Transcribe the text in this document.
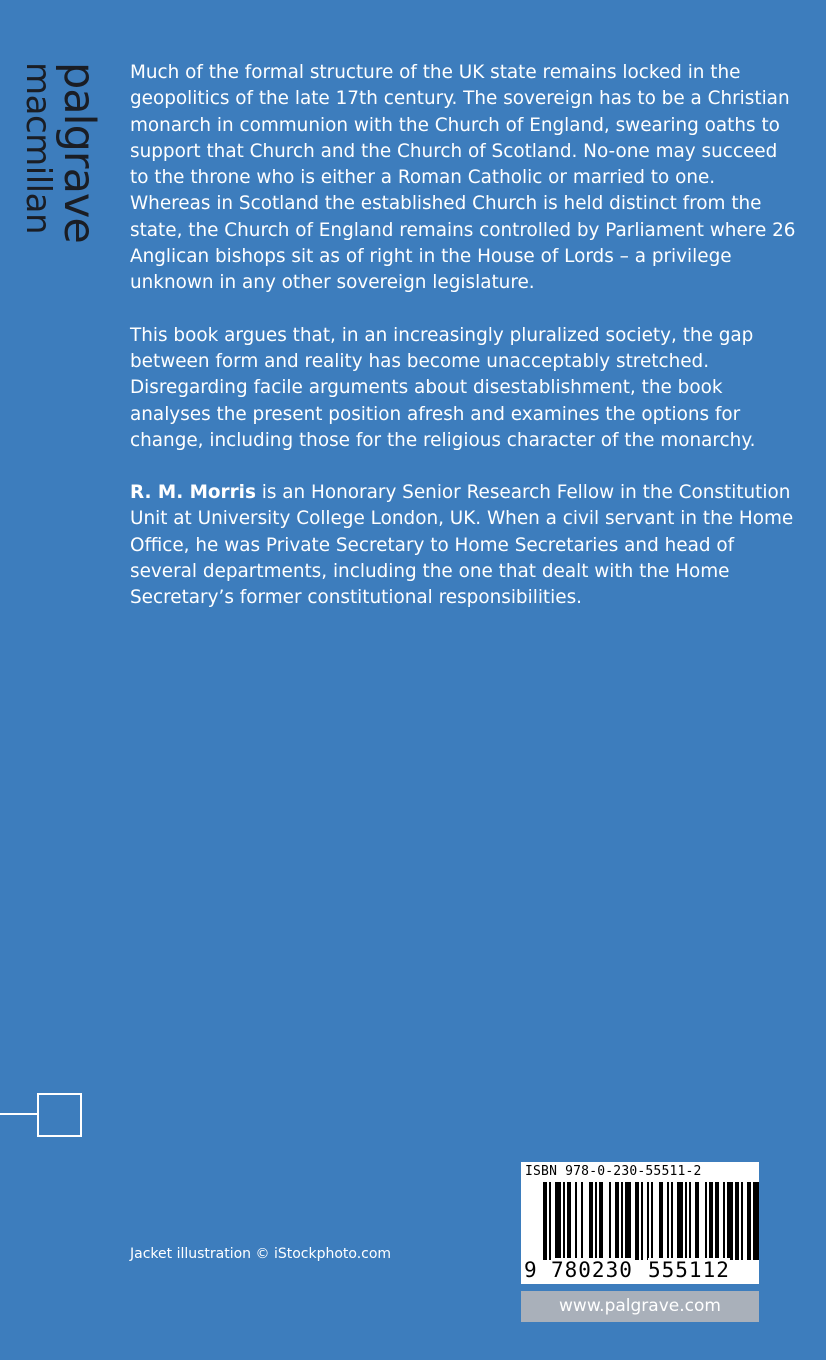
palgrave
macmillan	Much of the formal structure of the UK state remains locked in the geopolitics of the late 17th century. The sovereign has to be a Christian monarch in communion with the Church of England, swearing oaths to support that Church and the Church of Scotland. No-one may succeed to the throne who is either a Roman Catholic or married to one. Whereas in Scotland the established Church is held distinct from the state, the Church of England remains controlled by Parliament where 26 Anglican bishops sit as of right in the House of Lords – a privilege unknown in any other sovereign legislature.

This book argues that, in an increasingly pluralized society, the gap between form and reality has become unacceptably stretched. Disregarding facile arguments about disestablishment, the book analyses the present position afresh and examines the options for change, including those for the religious character of the monarchy.

R. M. Morris is an Honorary Senior Research Fellow in the Constitution Unit at University College London, UK. When a civil servant in the Home Office, he was Private Secretary to Home Secretaries and head of several departments, including the one that dealt with the Home Secretary’s former constitutional responsibilities.

Jacket illustration © iStockphoto.com
ISBN 978-0-230-55511-2
9 780230 555112
www.palgrave.com
